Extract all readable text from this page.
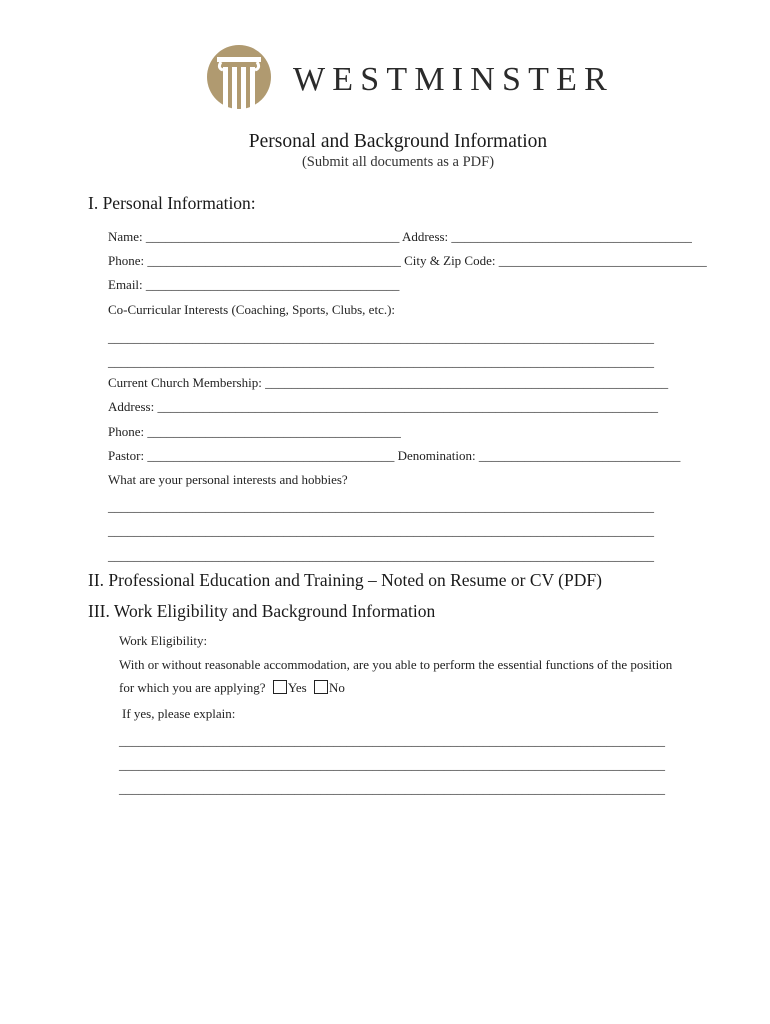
WESTMINSTER
Personal and Background Information
(Submit all documents as a PDF)
I. Personal Information:
Name: _______________________________________ Address: _____________________________________
Phone: _______________________________________ City & Zip Code: ________________________________
Email: _______________________________________
Co-Curricular Interests (Coaching, Sports, Clubs, etc.):
____________________________________________________________________________________
____________________________________________________________________________________
Current Church Membership: ______________________________________________________________
Address: _____________________________________________________________________________
Phone: _______________________________________
Pastor: ______________________________________ Denomination: _______________________________
What are your personal interests and hobbies?
____________________________________________________________________________________
____________________________________________________________________________________
____________________________________________________________________________________
II. Professional Education and Training – Noted on Resume or CV (PDF)
III. Work Eligibility and Background Information
Work Eligibility:
With or without reasonable accommodation, are you able to perform the essential functions of the position
for which you are applying? Yes No
If yes, please explain:
____________________________________________________________________________________
____________________________________________________________________________________
____________________________________________________________________________________
